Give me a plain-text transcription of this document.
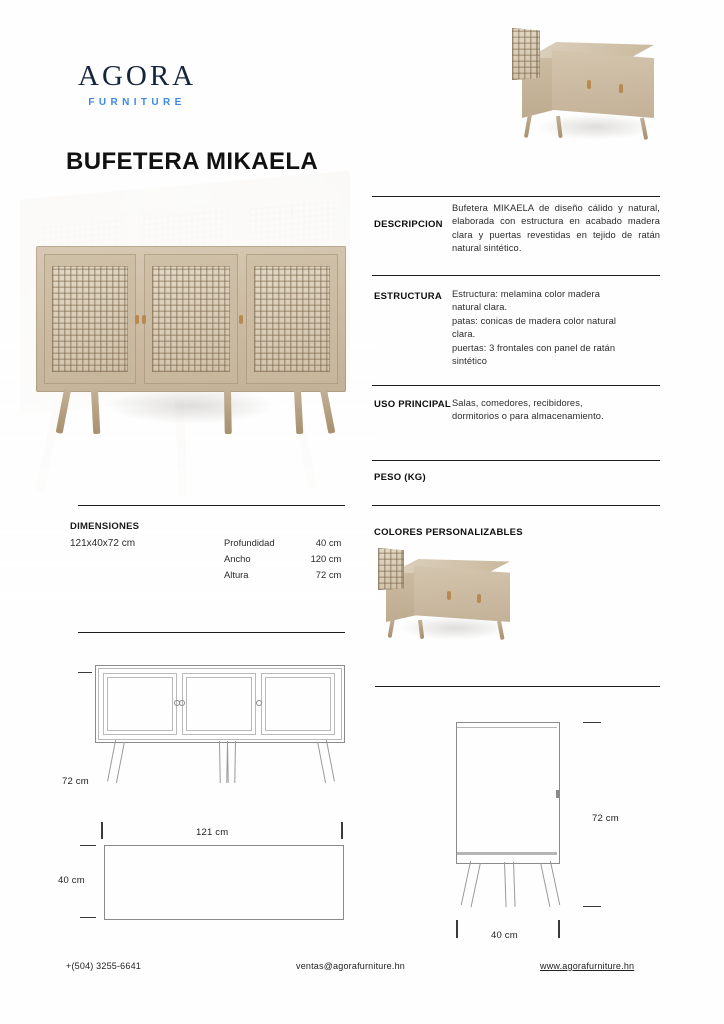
AGORA
FURNITURE
BUFETERA MIKAELA
DESCRIPCION
Bufetera MIKAELA de diseño cálido y natural, elaborada con estructura en acabado madera clara y puertas revestidas en tejido de ratán natural sintético.
ESTRUCTURA Estructura: melamina color madera
natural clara.
patas: conicas de madera color natural
clara.
puertas: 3 frontales con panel de ratán
sintético
USO PRINCIPAL Salas, comedores, recibidores,
dormitorios o para almacenamiento.
PESO (KG)
COLORES PERSONALIZABLES
DIMENSIONES
121x40x72 cm	Profundidad	40 cm
Ancho	120 cm
Altura	72 cm
72 cm
121 cm
40 cm
72 cm
40 cm
+(504) 3255-6641	ventas@agorafurniture.hn	www.agorafurniture.hn
